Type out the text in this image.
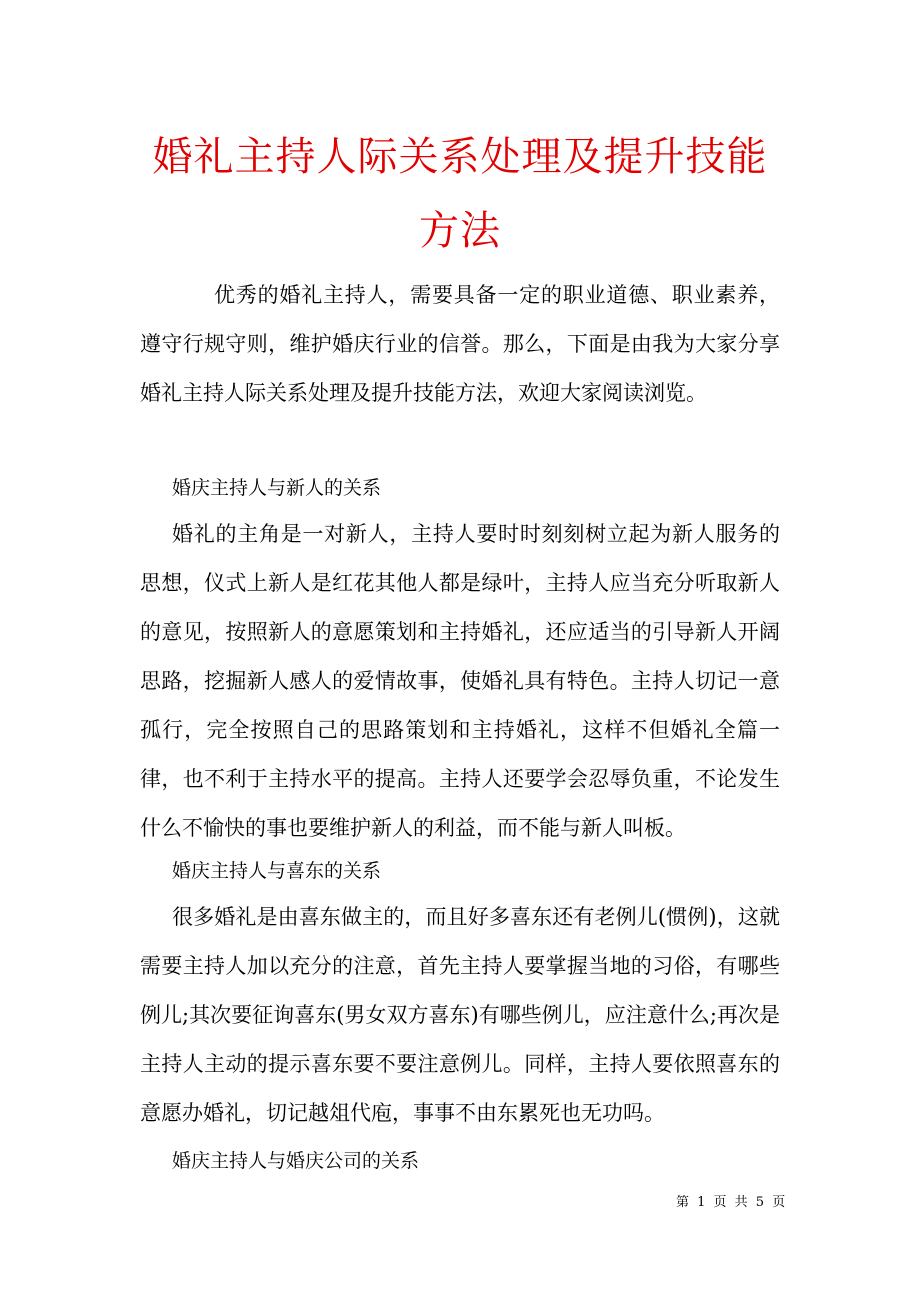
婚礼主持人际关系处理及提升技能方法

优秀的婚礼主持人，需要具备一定的职业道德、职业素养，遵守行规守则，维护婚庆行业的信誉。那么，下面是由我为大家分享婚礼主持人际关系处理及提升技能方法，欢迎大家阅读浏览。

婚庆主持人与新人的关系

婚礼的主角是一对新人，主持人要时时刻刻树立起为新人服务的思想，仪式上新人是红花其他人都是绿叶，主持人应当充分听取新人的意见，按照新人的意愿策划和主持婚礼，还应适当的引导新人开阔思路，挖掘新人感人的爱情故事，使婚礼具有特色。主持人切记一意孤行，完全按照自己的思路策划和主持婚礼，这样不但婚礼全篇一律，也不利于主持水平的提高。主持人还要学会忍辱负重，不论发生什么不愉快的事也要维护新人的利益，而不能与新人叫板。

婚庆主持人与喜东的关系

很多婚礼是由喜东做主的，而且好多喜东还有老例儿(惯例)，这就需要主持人加以充分的注意，首先主持人要掌握当地的习俗，有哪些例儿;其次要征询喜东(男女双方喜东)有哪些例儿，应注意什么;再次是主持人主动的提示喜东要不要注意例儿。同样，主持人要依照喜东的意愿办婚礼，切记越俎代庖，事事不由东累死也无功吗。

婚庆主持人与婚庆公司的关系
第 1 页 共 5 页
